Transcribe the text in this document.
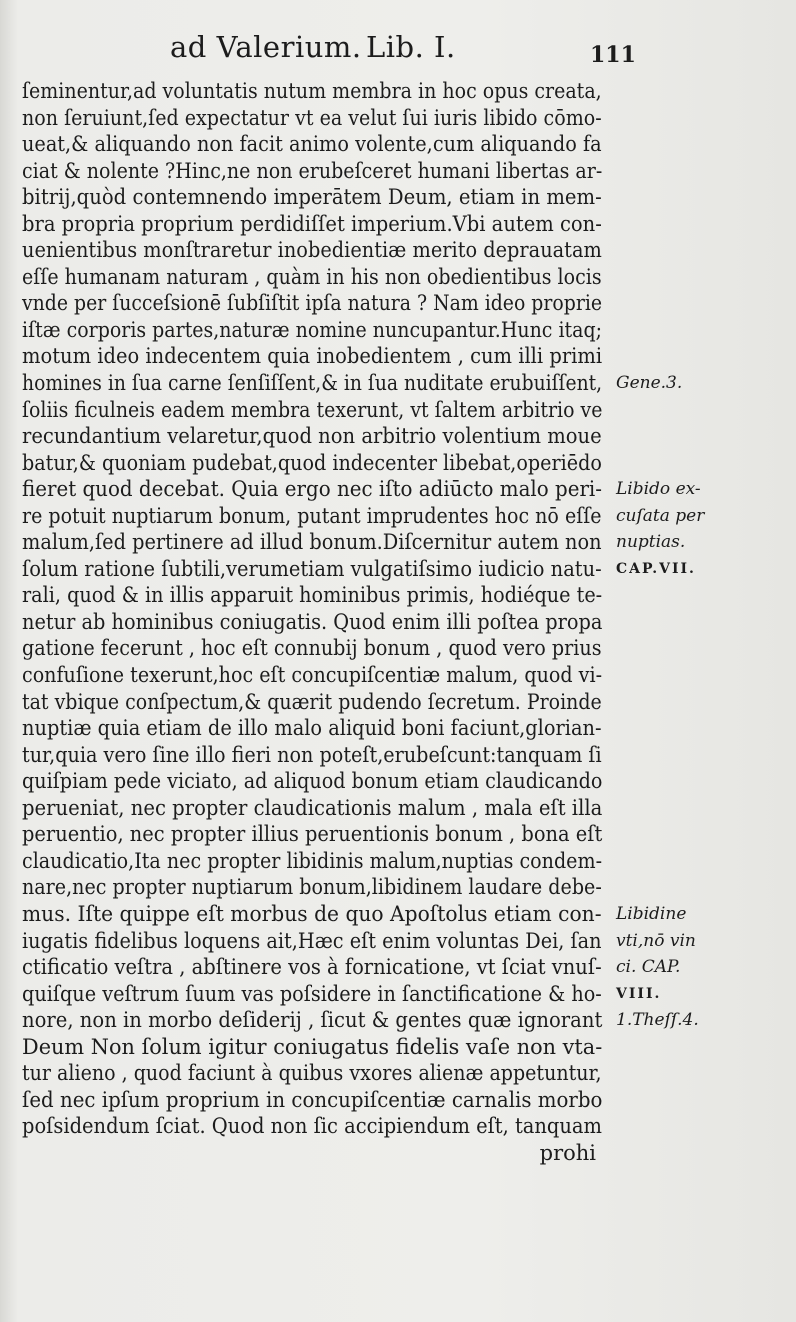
ad Valerium. Lib. I.	111
ſeminentur,ad voluntatis nutum membra in hoc opus creata,
non ſeruiunt,ſed expectatur vt ea velut ſui iuris libido cōmo-
ueat,& aliquando non facit animo volente,cum aliquando fa
ciat & nolente ?Hinc,ne non erubeſceret humani libertas ar-
bitrij,quòd contemnendo imperātem Deum, etiam in mem-
bra propria proprium perdidiſſet imperium.Vbi autem con-
uenientibus monſtraretur inobedientiæ merito deprauatam
eſſe humanam naturam , quàm in his non obedientibus locis
vnde per ſucceſsionē ſubſiſtit ipſa natura ? Nam ideo proprie
iſtæ corporis partes,naturæ nomine nuncupantur.Hunc itaq;
motum ideo indecentem quia inobedientem , cum illi primi
homines in ſua carne ſenſiſſent,& in ſua nuditate erubuiſſent,
ſoliis ficulneis eadem membra texerunt, vt ſaltem arbitrio ve
recundantium velaretur,quod non arbitrio volentium moue
batur,& quoniam pudebat,quod indecenter libebat,operiēdo
fieret quod decebat. Quia ergo nec iſto adiūcto malo peri-
re potuit nuptiarum bonum, putant imprudentes hoc nō eſſe
malum,ſed pertinere ad illud bonum.Diſcernitur autem non
ſolum ratione ſubtili,verumetiam vulgatiſsimo iudicio natu-
rali, quod & in illis apparuit hominibus primis, hodiéque te-
netur ab hominibus coniugatis. Quod enim illi poſtea propa
gatione fecerunt , hoc eſt connubij bonum , quod vero prius
confuſione texerunt,hoc eſt concupiſcentiæ malum, quod vi-
tat vbique conſpectum,& quærit pudendo ſecretum. Proinde
nuptiæ quia etiam de illo malo aliquid boni faciunt,glorian-
tur,quia vero ſine illo fieri non poteſt,erubeſcunt:tanquam ſi
quiſpiam pede viciato, ad aliquod bonum etiam claudicando
perueniat, nec propter claudicationis malum , mala eſt illa
peruentio, nec propter illius peruentionis bonum , bona eſt
claudicatio,Ita nec propter libidinis malum,nuptias condem-
nare,nec propter nuptiarum bonum,libidinem laudare debe-
mus. Iſte quippe eſt morbus de quo Apoſtolus etiam con-
iugatis fidelibus loquens ait,Hæc eſt enim voluntas Dei, ſan
ctificatio veſtra , abſtinere vos à fornicatione, vt ſciat vnuſ-
quiſque veſtrum ſuum vas poſsidere in ſanctificatione & ho-
nore, non in morbo deſiderij , ſicut & gentes quæ ignorant
Deum Non ſolum igitur coniugatus fidelis vaſe non vta-
tur alieno , quod faciunt à quibus vxores alienæ appetuntur,
ſed nec ipſum proprium in concupiſcentiæ carnalis morbo
poſsidendum ſciat. Quod non ſic accipiendum eſt, tanquam
prohi
Gene.3.
Libido ex-
cuſata per
nuptias.
CAP.VII.
Libidine
vti,nō vin
ci. CAP.
VIII.
1.Theſſ.4.
